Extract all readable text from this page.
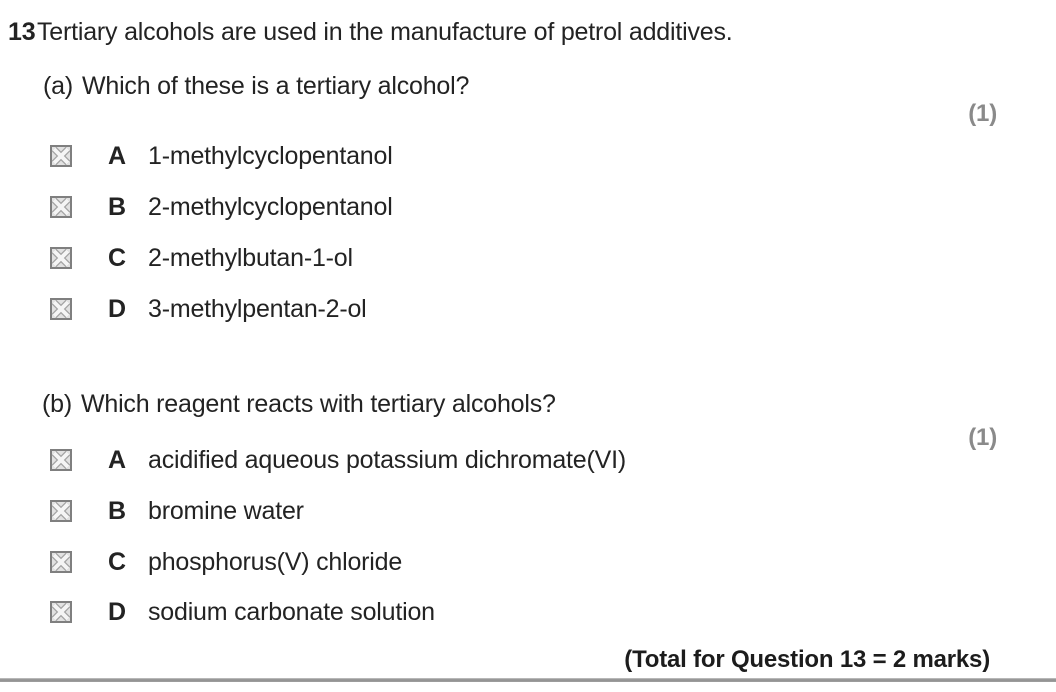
13 Tertiary alcohols are used in the manufacture of petrol additives.
(a) Which of these is a tertiary alcohol?
(1)
A 1-methylcyclopentanol
B 2-methylcyclopentanol
C 2-methylbutan-1-ol
D 3-methylpentan-2-ol
(b) Which reagent reacts with tertiary alcohols?
(1)
A acidified aqueous potassium dichromate(VI)
B bromine water
C phosphorus(V) chloride
D sodium carbonate solution
(Total for Question 13 = 2 marks)
